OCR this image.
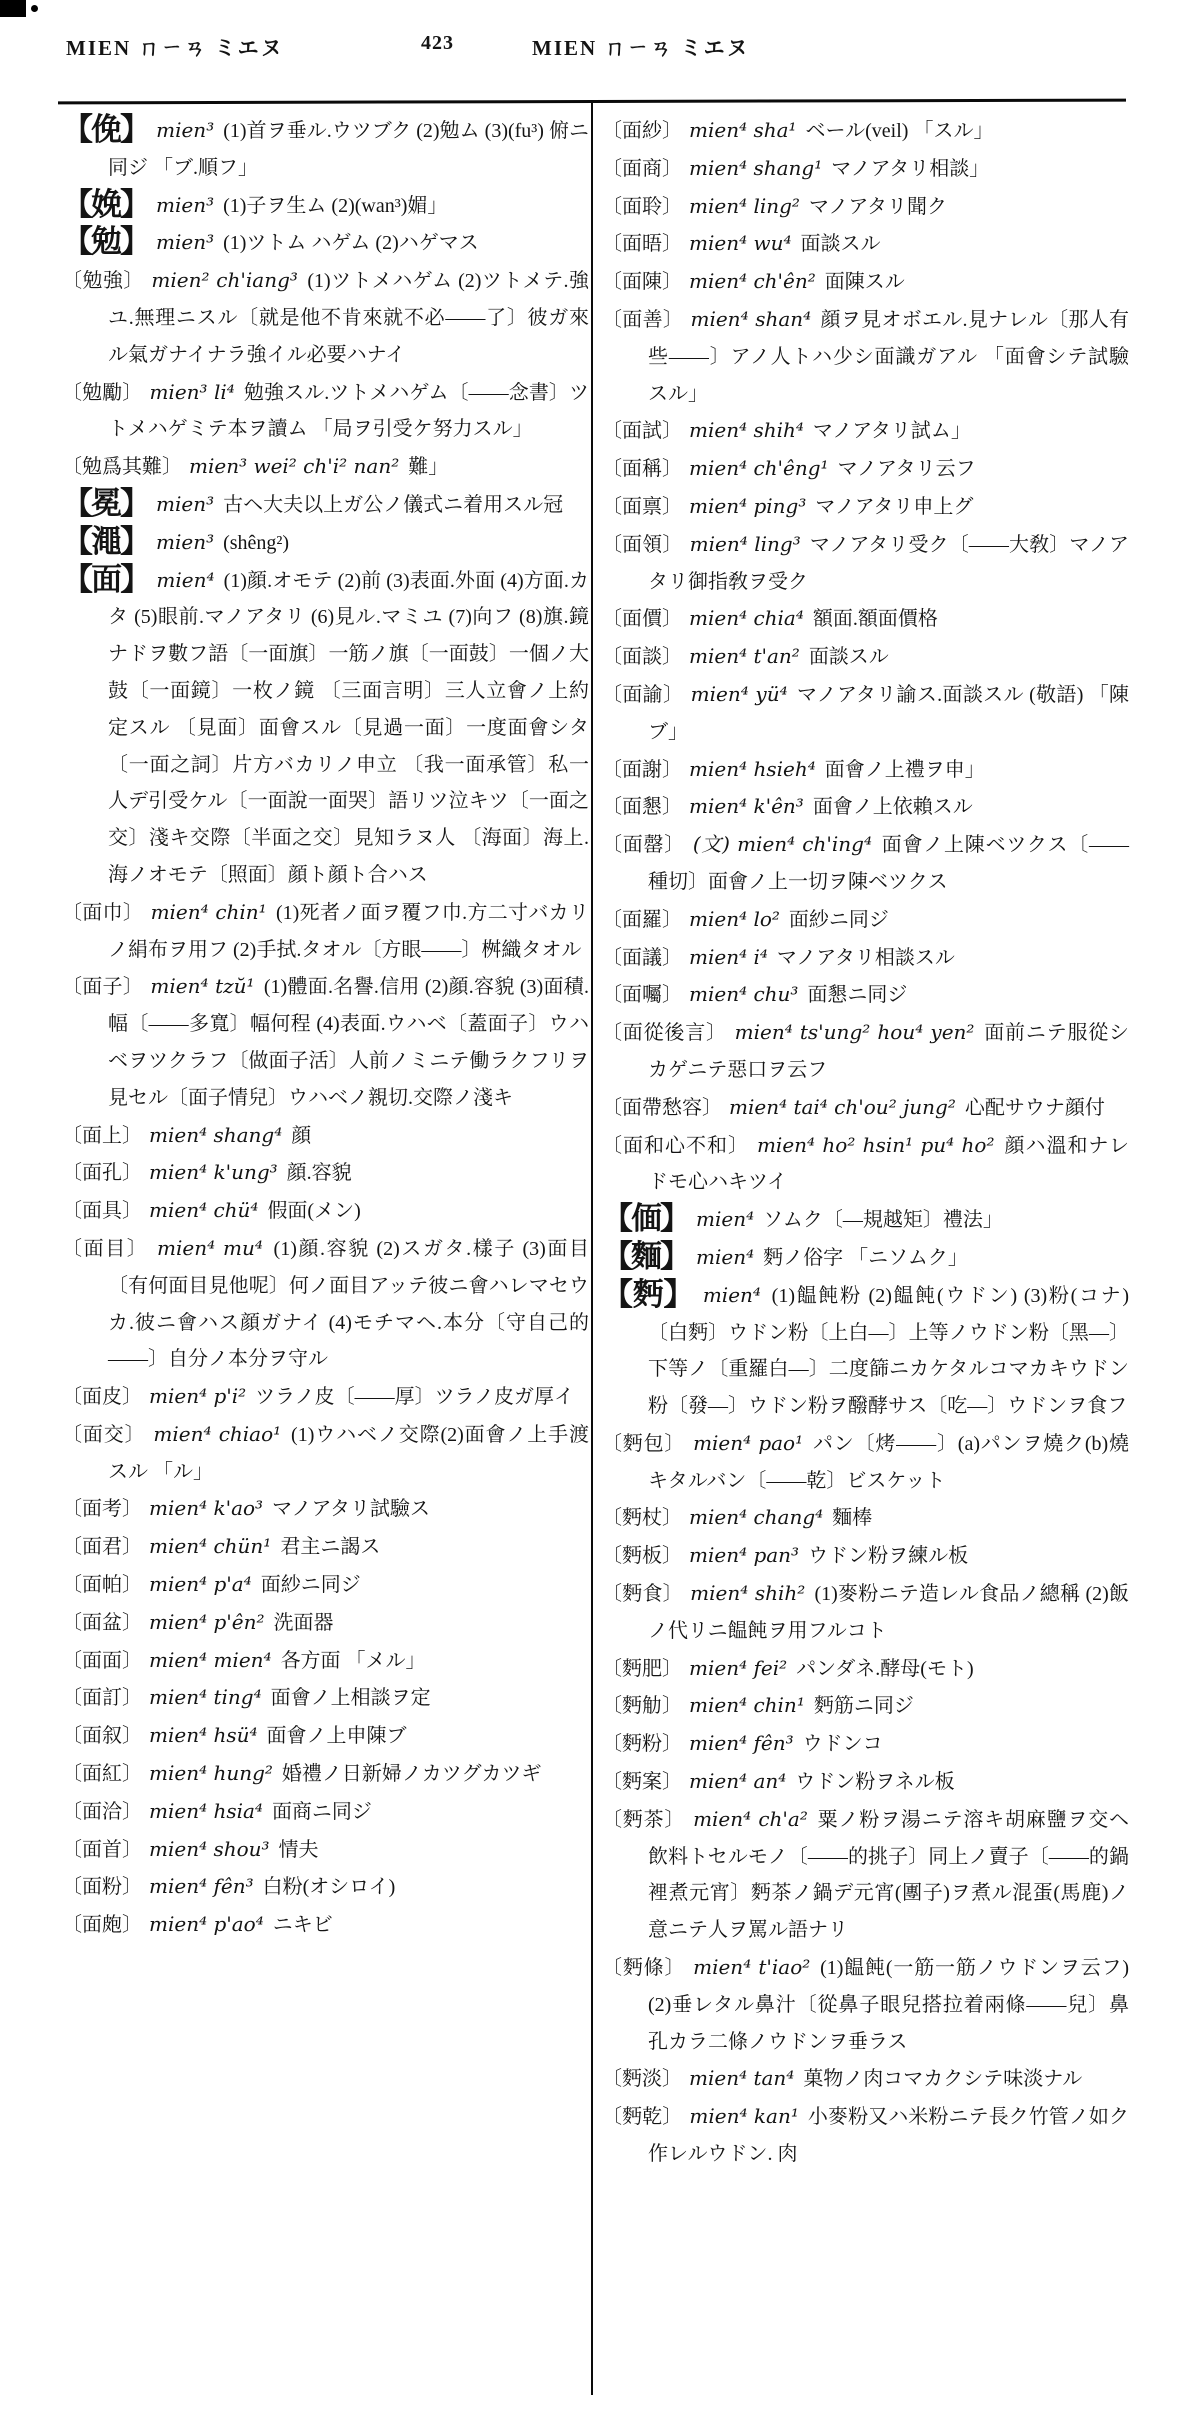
MIEN ㄇㄧㄢ ミエヌ	423	MIEN ㄇㄧㄢ ミエヌ
【俛】 mien³ (1)首ヲ垂ル.ウツブク (2)勉ム (3)(fu³) 俯ニ同ジ 「ブ.順フ」
【娩】 mien³ (1)子ヲ生ム (2)(wan³)媚」
【勉】 mien³ (1)ツトム ハゲム (2)ハゲマス
〔勉強〕 mien² ch'iang³ (1)ツトメハゲム (2)ツトメテ.強ユ.無理ニスル〔就是他不肯來就不必——了〕彼ガ來ル氣ガナイナラ強イル必要ハナイ
〔勉勵〕 mien³ li⁴ 勉強スル.ツトメハゲム〔——念書〕ツトメハゲミテ本ヲ讀ム 「局ヲ引受ケ努力スル」
〔勉爲其難〕 mien³ wei² ch'i² nan² 難」
【冕】 mien³ 古ヘ大夫以上ガ公ノ儀式ニ着用スル冠
【澠】 mien³ (shêng²)
【面】 mien⁴ (1)顔.オモテ (2)前 (3)表面.外面 (4)方面.カタ (5)眼前.マノアタリ (6)見ル.マミユ (7)向フ (8)旗.鏡ナドヲ數フ語〔一面旗〕一筋ノ旗〔一面鼓〕一個ノ大鼓〔一面鏡〕一枚ノ鏡 〔三面言明〕三人立會ノ上約定スル 〔見面〕面會スル〔見過一面〕一度面會シタ〔一面之詞〕片方バカリノ申立 〔我一面承管〕私一人デ引受ケル〔一面說一面哭〕語リツ泣キツ〔一面之交〕淺キ交際〔半面之交〕見知ラヌ人 〔海面〕海上.海ノオモテ〔照面〕顔ト顔ト合ハス
〔面巾〕 mien⁴ chin¹ (1)死者ノ面ヲ覆フ巾.方二寸バカリノ絹布ヲ用フ (2)手拭.タオル〔方眼——〕桝織タオル
〔面子〕 mien⁴ tzŭ¹ (1)體面.名譽.信用 (2)顔.容貌 (3)面積.幅〔——多寬〕幅何程 (4)表面.ウハベ〔蓋面子〕ウハベヲツクラフ〔做面子活〕人前ノミニテ働ラクフリヲ見セル〔面子情兒〕ウハベノ親切.交際ノ淺キ
〔面上〕 mien⁴ shang⁴ 顔
〔面孔〕 mien⁴ k'ung³ 顔.容貌
〔面具〕 mien⁴ chü⁴ 假面(メン)
〔面目〕 mien⁴ mu⁴ (1)顔.容貌 (2)スガタ.樣子 (3)面目〔有何面目見他呢〕何ノ面目アッテ彼ニ會ハレマセウカ.彼ニ會ハス顔ガナイ (4)モチマヘ.本分〔守自己的——〕自分ノ本分ヲ守ル
〔面皮〕 mien⁴ p'i² ツラノ皮〔——厚〕ツラノ皮ガ厚イ
〔面交〕 mien⁴ chiao¹ (1)ウハベノ交際(2)面會ノ上手渡スル 「ル」
〔面考〕 mien⁴ k'ao³ マノアタリ試驗ス
〔面君〕 mien⁴ chün¹ 君主ニ謁ス
〔面帕〕 mien⁴ p'a⁴ 面紗ニ同ジ
〔面盆〕 mien⁴ p'ên² 洗面器
〔面面〕 mien⁴ mien⁴ 各方面 「メル」
〔面訂〕 mien⁴ ting⁴ 面會ノ上相談ヲ定
〔面叙〕 mien⁴ hsü⁴ 面會ノ上申陳ブ
〔面紅〕 mien⁴ hung² 婚禮ノ日新婦ノカツグカツギ
〔面洽〕 mien⁴ hsia⁴ 面商ニ同ジ
〔面首〕 mien⁴ shou³ 情夫
〔面粉〕 mien⁴ fên³ 白粉(オシロイ)
〔面皰〕 mien⁴ p'ao⁴ ニキビ
〔面紗〕 mien⁴ sha¹ ベール(veil) 「スル」
〔面商〕 mien⁴ shang¹ マノアタリ相談」
〔面聆〕 mien⁴ ling² マノアタリ聞ク
〔面晤〕 mien⁴ wu⁴ 面談スル
〔面陳〕 mien⁴ ch'ên² 面陳スル
〔面善〕 mien⁴ shan⁴ 顔ヲ見オボエル.見ナレル〔那人有些——〕アノ人トハ少シ面識ガアル 「面會シテ試驗スル」
〔面試〕 mien⁴ shih⁴ マノアタリ試ム」
〔面稱〕 mien⁴ ch'êng¹ マノアタリ云フ
〔面禀〕 mien⁴ ping³ マノアタリ申上グ
〔面領〕 mien⁴ ling³ マノアタリ受ク〔——大敎〕マノアタリ御指敎ヲ受ク
〔面價〕 mien⁴ chia⁴ 額面.額面價格
〔面談〕 mien⁴ t'an² 面談スル
〔面諭〕 mien⁴ yü⁴ マノアタリ諭ス.面談スル (敬語) 「陳ブ」
〔面謝〕 mien⁴ hsieh⁴ 面會ノ上禮ヲ申」
〔面懇〕 mien⁴ k'ên³ 面會ノ上依賴スル
〔面罄〕 (文) mien⁴ ch'ing⁴ 面會ノ上陳ベツクス〔——種切〕面會ノ上一切ヲ陳ベツクス
〔面羅〕 mien⁴ lo² 面紗ニ同ジ
〔面議〕 mien⁴ i⁴ マノアタリ相談スル
〔面囑〕 mien⁴ chu³ 面懇ニ同ジ
〔面從後言〕 mien⁴ ts'ung² hou⁴ yen² 面前ニテ服從シカゲニテ惡口ヲ云フ
〔面帶愁容〕 mien⁴ tai⁴ ch'ou² jung² 心配サウナ顔付
〔面和心不和〕 mien⁴ ho² hsin¹ pu⁴ ho² 顔ハ溫和ナレドモ心ハキツイ
【偭】 mien⁴ ソムク〔—規越矩〕禮法」
【麵】 mien⁴ 麪ノ俗字 「ニソムク」
【麪】 mien⁴ (1)饂飩粉 (2)饂飩(ウドン) (3)粉(コナ) 〔白麪〕ウドン粉〔上白—〕上等ノウドン粉〔黑—〕下等ノ〔重羅白—〕二度篩ニカケタルコマカキウドン粉〔發—〕ウドン粉ヲ醱酵サス〔吃—〕ウドンヲ食フ
〔麪包〕 mien⁴ pao¹ パン〔烤——〕(a)パンヲ燒ク(b)燒キタルバン〔——乾〕ビスケット
〔麪杖〕 mien⁴ chang⁴ 麵棒
〔麪板〕 mien⁴ pan³ ウドン粉ヲ練ル板
〔麪食〕 mien⁴ shih² (1)麥粉ニテ造レル食品ノ總稱 (2)飯ノ代リニ饂飩ヲ用フルコト
〔麪肥〕 mien⁴ fei² パンダネ.酵母(モト)
〔麪觔〕 mien⁴ chin¹ 麪筋ニ同ジ
〔麪粉〕 mien⁴ fên³ ウドンコ
〔麪案〕 mien⁴ an⁴ ウドン粉ヲネル板
〔麪茶〕 mien⁴ ch'a² 粟ノ粉ヲ湯ニテ溶キ胡麻鹽ヲ交ヘ飲料トセルモノ〔——的挑子〕同上ノ賣子〔——的鍋裡煮元宵〕麪茶ノ鍋デ元宵(團子)ヲ煮ル混蛋(馬鹿)ノ意ニテ人ヲ罵ル語ナリ
〔麪條〕 mien⁴ t'iao² (1)饂飩(一筋一筋ノウドンヲ云フ)(2)垂レタル鼻汁〔從鼻子眼兒搭拉着兩條——兒〕鼻孔カラ二條ノウドンヲ垂ラス
〔麪淡〕 mien⁴ tan⁴ 菓物ノ肉コマカクシテ味淡ナル
〔麪乾〕 mien⁴ kan¹ 小麥粉又ハ米粉ニテ長ク竹管ノ如ク作レルウドン. 肉
